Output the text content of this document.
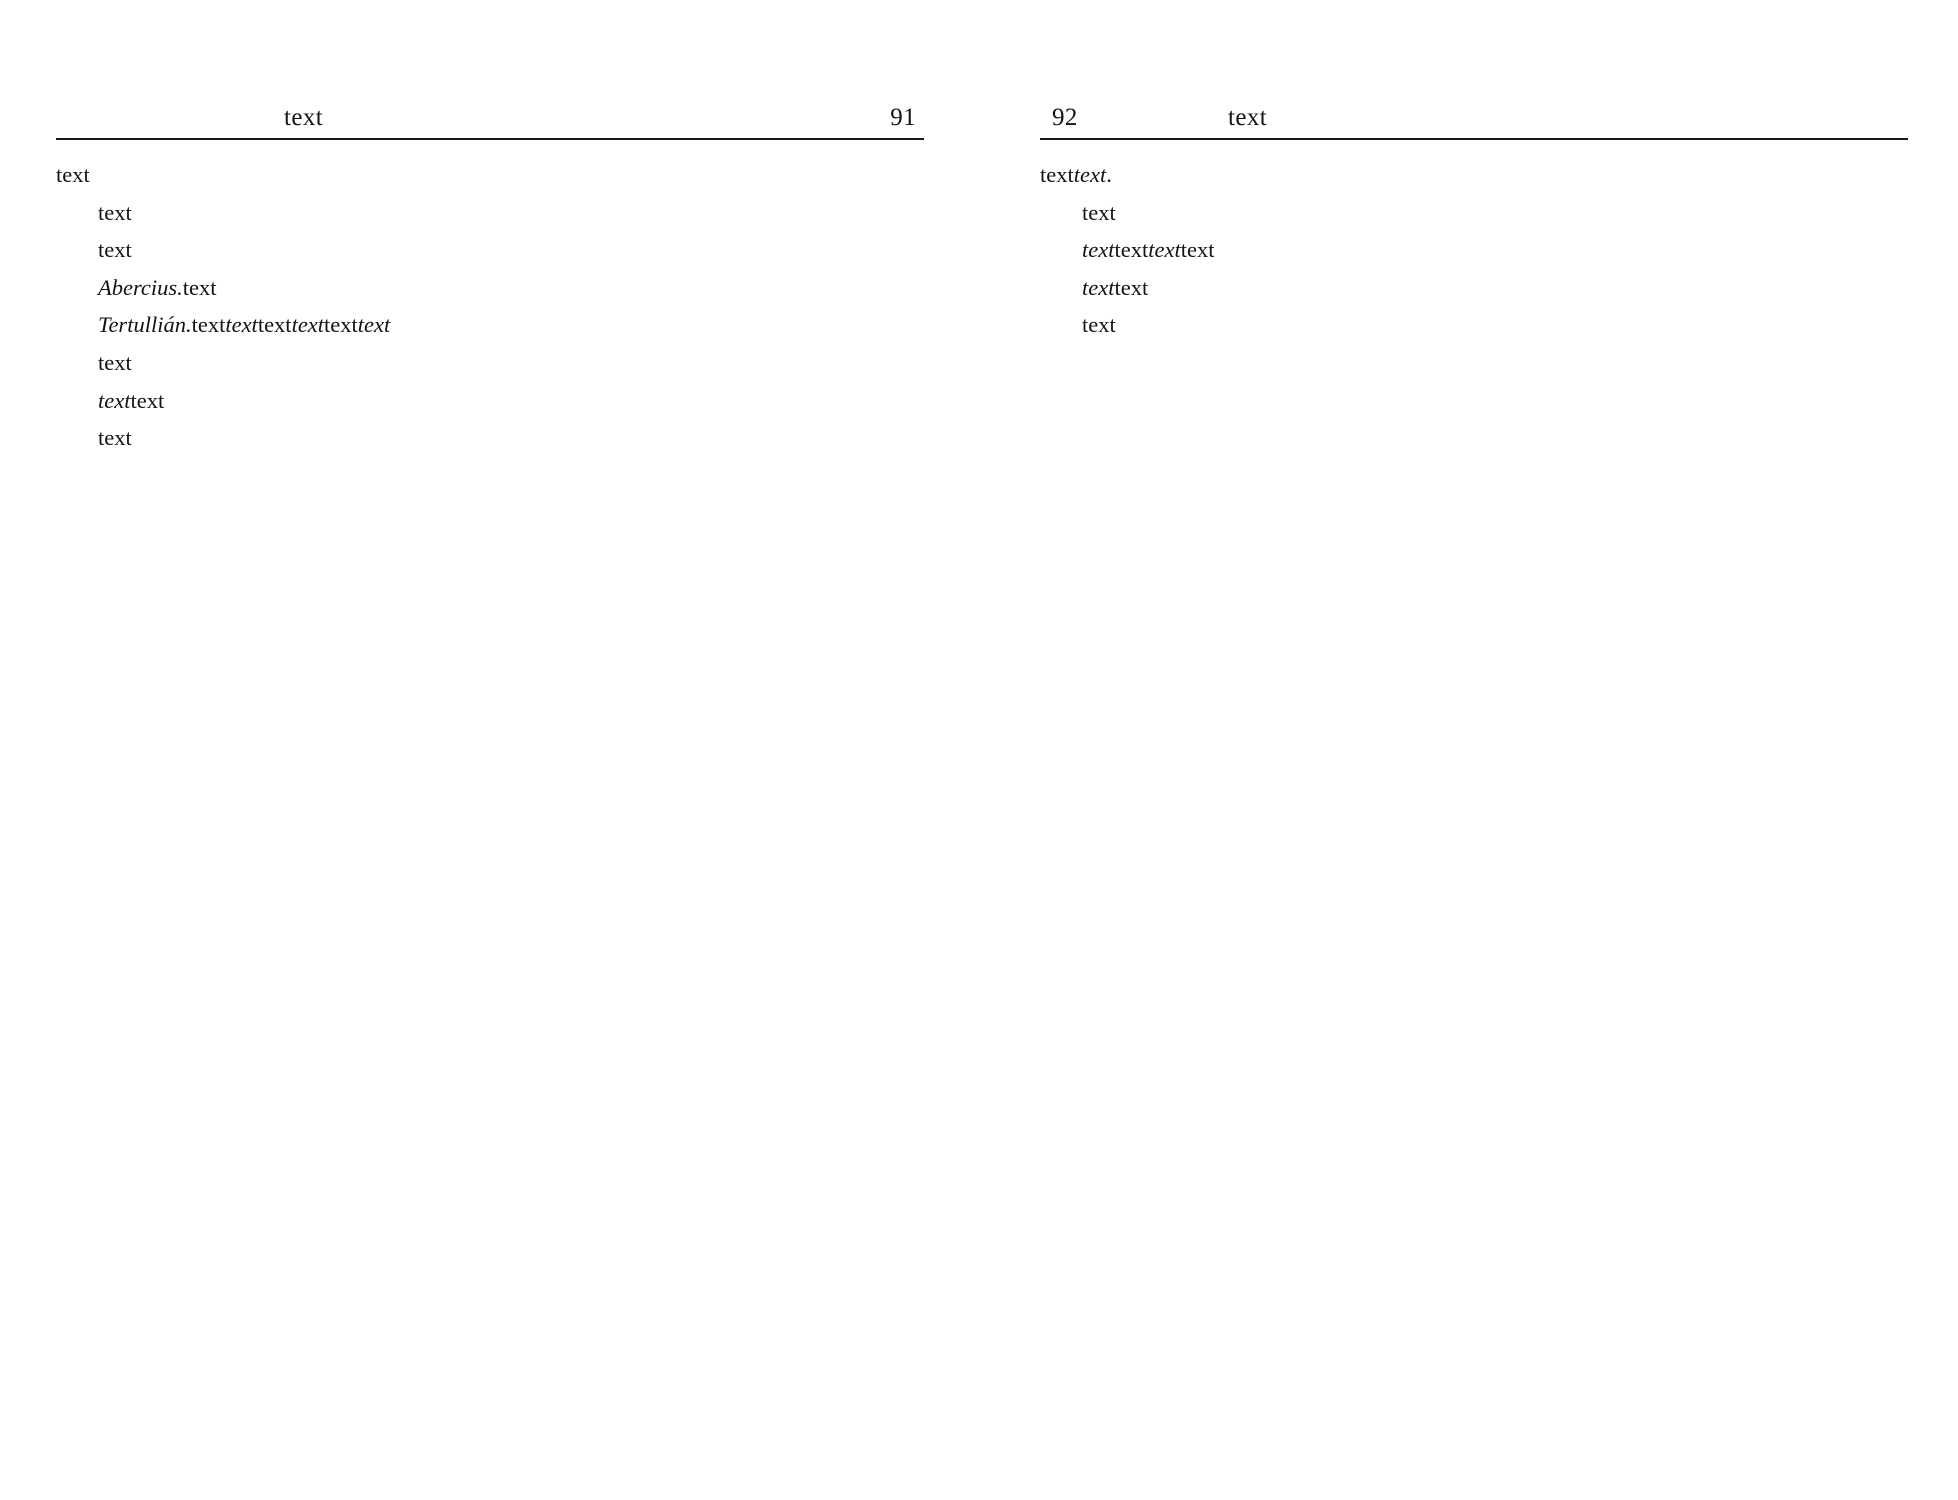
text	91

text

text

text

Abercius.text

Tertullián.texttexttexttexttexttext

text

texttext

text

92	text

texttext.

text

texttexttexttext

texttext

text
